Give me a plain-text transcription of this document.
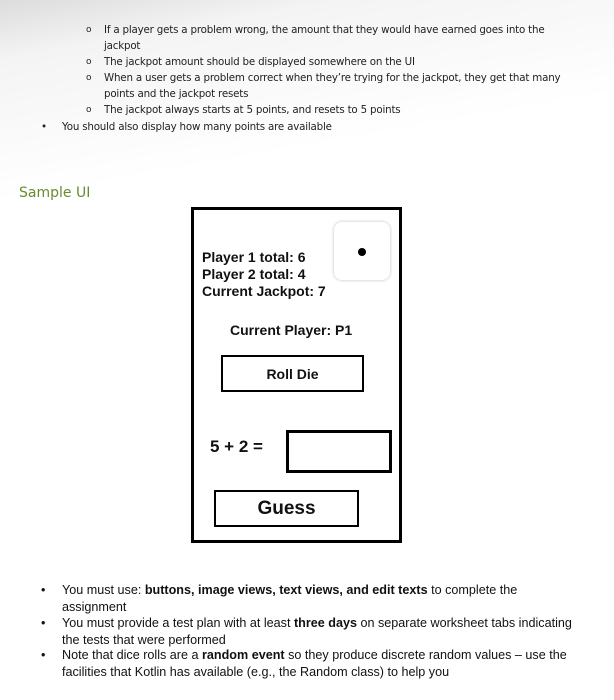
o If a player gets a problem wrong, the amount that they would have earned goes into the
jackpot
o The jackpot amount should be displayed somewhere on the UI
o When a user gets a problem correct when they’re trying for the jackpot, they get that many
points and the jackpot resets
o The jackpot always starts at 5 points, and resets to 5 points
• You should also display how many points are available
Sample UI
Player 1 total: 6
Player 2 total: 4
Current Jackpot: 7
Current Player: P1
Roll Die
5 + 2 =
Guess
• You must use: buttons, image views, text views, and edit texts to complete the assignment
• You must provide a test plan with at least three days on separate worksheet tabs indicating the tests that were performed
• Note that dice rolls are a random event so they produce discrete random values – use the facilities that Kotlin has available (e.g., the Random class) to help you
